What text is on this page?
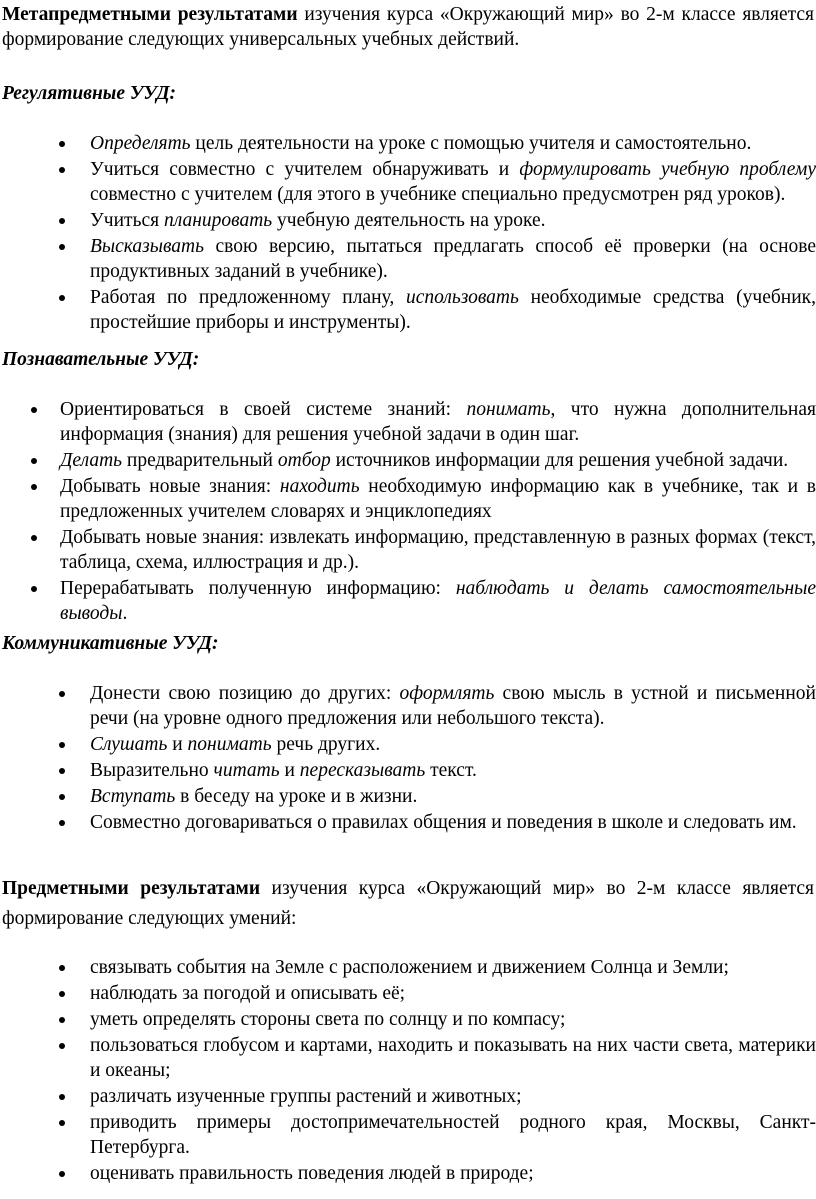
Метапредметными результатами изучения курса «Окружающий мир» во 2-м классе является формирование следующих универсальных учебных действий.

Регулятивные УУД:

Определять цель деятельности на уроке с помощью учителя и самостоятельно.
Учиться совместно с учителем обнаруживать и формулировать учебную проблему совместно с учителем (для этого в учебнике специально предусмотрен ряд уроков).
Учиться планировать учебную деятельность на уроке.
Высказывать свою версию, пытаться предлагать способ её проверки (на основе продуктивных заданий в учебнике).
Работая по предложенному плану, использовать необходимые средства (учебник, простейшие приборы и инструменты).

Познавательные УУД:

Ориентироваться в своей системе знаний: понимать, что нужна дополнительная информация (знания) для решения учебной задачи в один шаг.
Делать предварительный отбор источников информации для решения учебной задачи.
Добывать новые знания: находить необходимую информацию как в учебнике, так и в предложенных учителем словарях и энциклопедиях
Добывать новые знания: извлекать информацию, представленную в разных формах (текст, таблица, схема, иллюстрация и др.).
Перерабатывать полученную информацию: наблюдать и делать самостоятельные выводы.

Коммуникативные УУД:

Донести свою позицию до других: оформлять свою мысль в устной и письменной речи (на уровне одного предложения или небольшого текста).
Слушать и понимать речь других.
Выразительно читать и пересказывать текст.
Вступать в беседу на уроке и в жизни.
Совместно договариваться о правилах общения и поведения в школе и следовать им.

Предметными результатами изучения курса «Окружающий мир» во 2-м классе является формирование следующих умений:

связывать события на Земле с расположением и движением Солнца и Земли;
наблюдать за погодой и описывать её;
уметь определять стороны света по солнцу и по компасу;
пользоваться глобусом и картами, находить и показывать на них части света, материки и океаны;
различать изученные группы растений и животных;
приводить примеры достопримечательностей родного края, Москвы, Санкт-Петербурга.
оценивать правильность поведения людей в природе;
